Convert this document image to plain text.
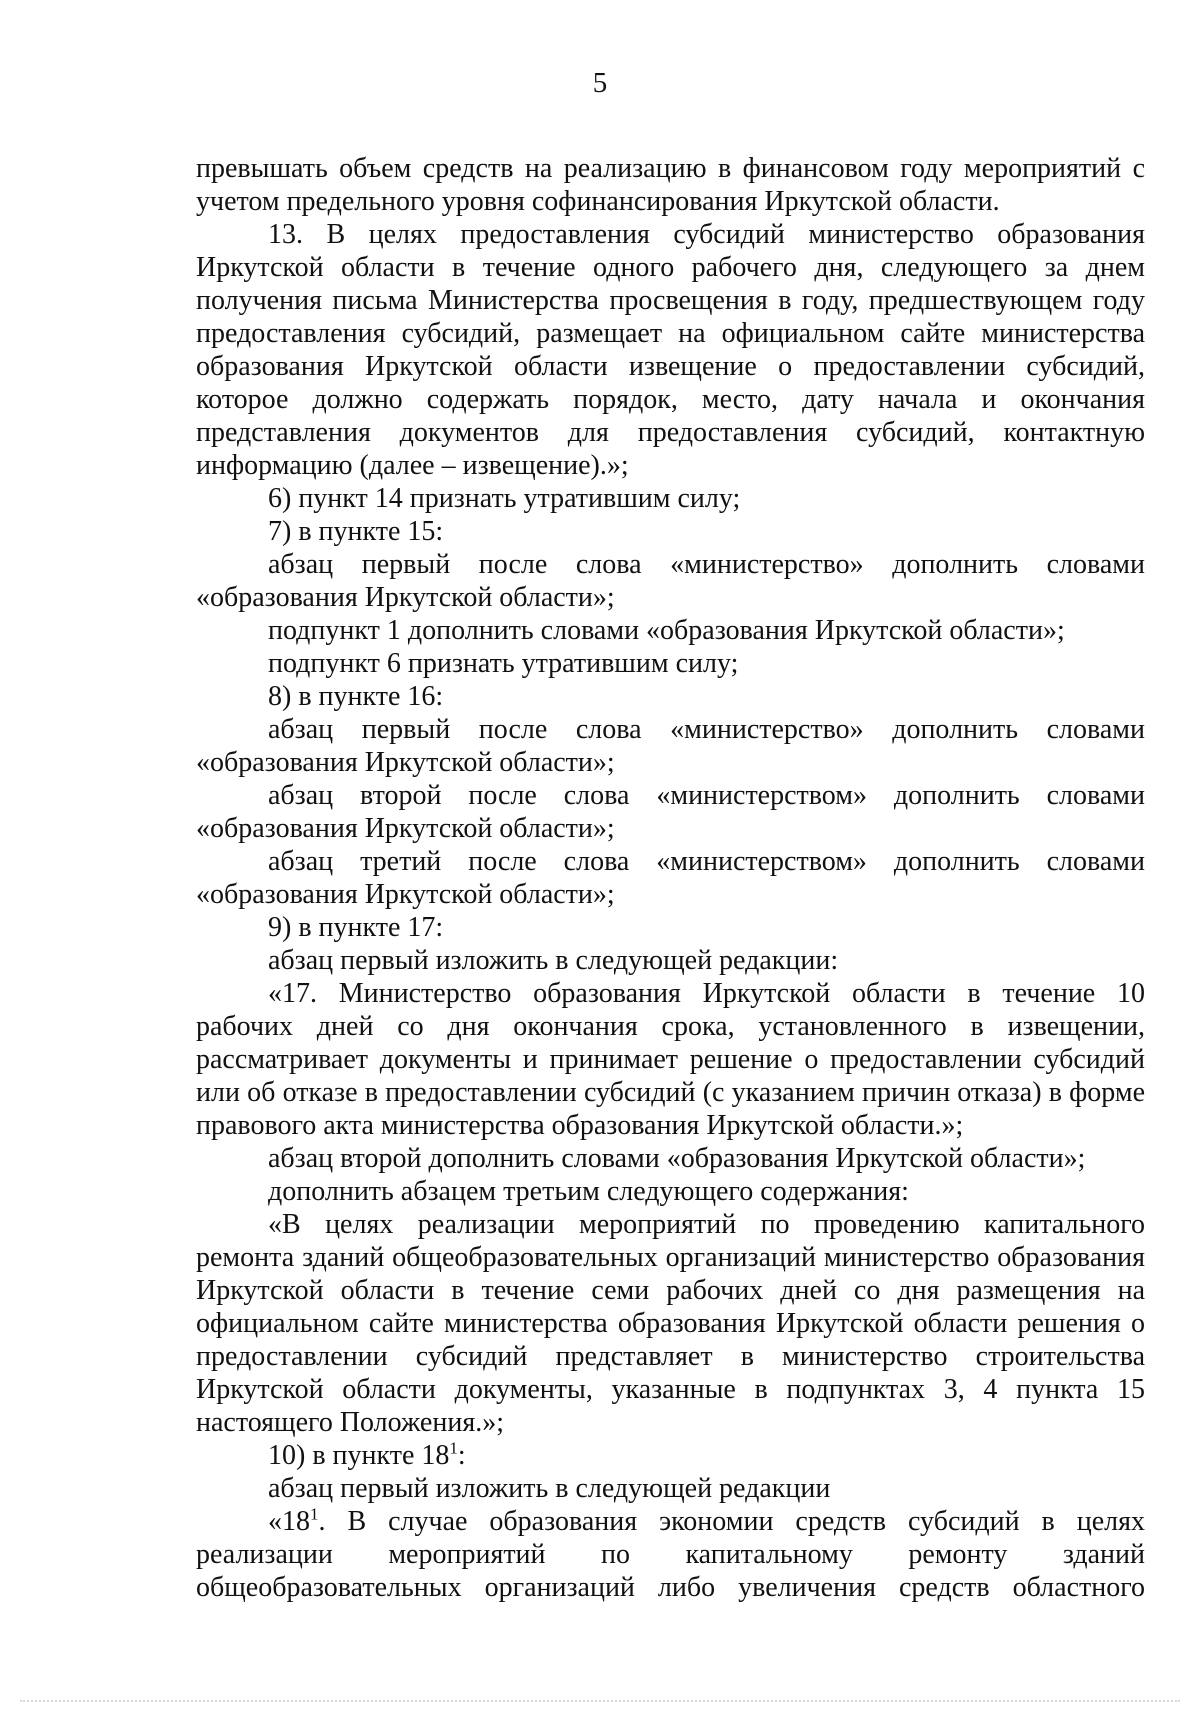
5

превышать объем средств на реализацию в финансовом году мероприятий с учетом предельного уровня софинансирования Иркутской области.

13. В целях предоставления субсидий министерство образования Иркутской области в течение одного рабочего дня, следующего за днем получения письма Министерства просвещения в году, предшествующем году предоставления субсидий, размещает на официальном сайте министерства образования Иркутской области извещение о предоставлении субсидий, которое должно содержать порядок, место, дату начала и окончания представления документов для предоставления субсидий, контактную информацию (далее – извещение).»;

6) пункт 14 признать утратившим силу;

7) в пункте 15:

абзац первый после слова «министерство» дополнить словами «образования Иркутской области»;

подпункт 1 дополнить словами «образования Иркутской области»;

подпункт 6 признать утратившим силу;

8) в пункте 16:

абзац первый после слова «министерство» дополнить словами «образования Иркутской области»;

абзац второй после слова «министерством» дополнить словами «образования Иркутской области»;

абзац третий после слова «министерством» дополнить словами «образования Иркутской области»;

9) в пункте 17:

абзац первый изложить в следующей редакции:

«17. Министерство образования Иркутской области в течение 10 рабочих дней со дня окончания срока, установленного в извещении, рассматривает документы и принимает решение о предоставлении субсидий или об отказе в предоставлении субсидий (с указанием причин отказа) в форме правового акта министерства образования Иркутской области.»;

абзац второй дополнить словами «образования Иркутской области»;

дополнить абзацем третьим следующего содержания:

«В целях реализации мероприятий по проведению капитального ремонта зданий общеобразовательных организаций министерство образования Иркутской области в течение семи рабочих дней со дня размещения на официальном сайте министерства образования Иркутской области решения о предоставлении субсидий представляет в министерство строительства Иркутской области документы, указанные в подпунктах 3, 4 пункта 15 настоящего Положения.»;

10) в пункте $18^1$:

абзац первый изложить в следующей редакции

«$18^1$. В случае образования экономии средств субсидий в целях реализации мероприятий по капитальному ремонту зданий общеобразовательных организаций либо увеличения средств областного
